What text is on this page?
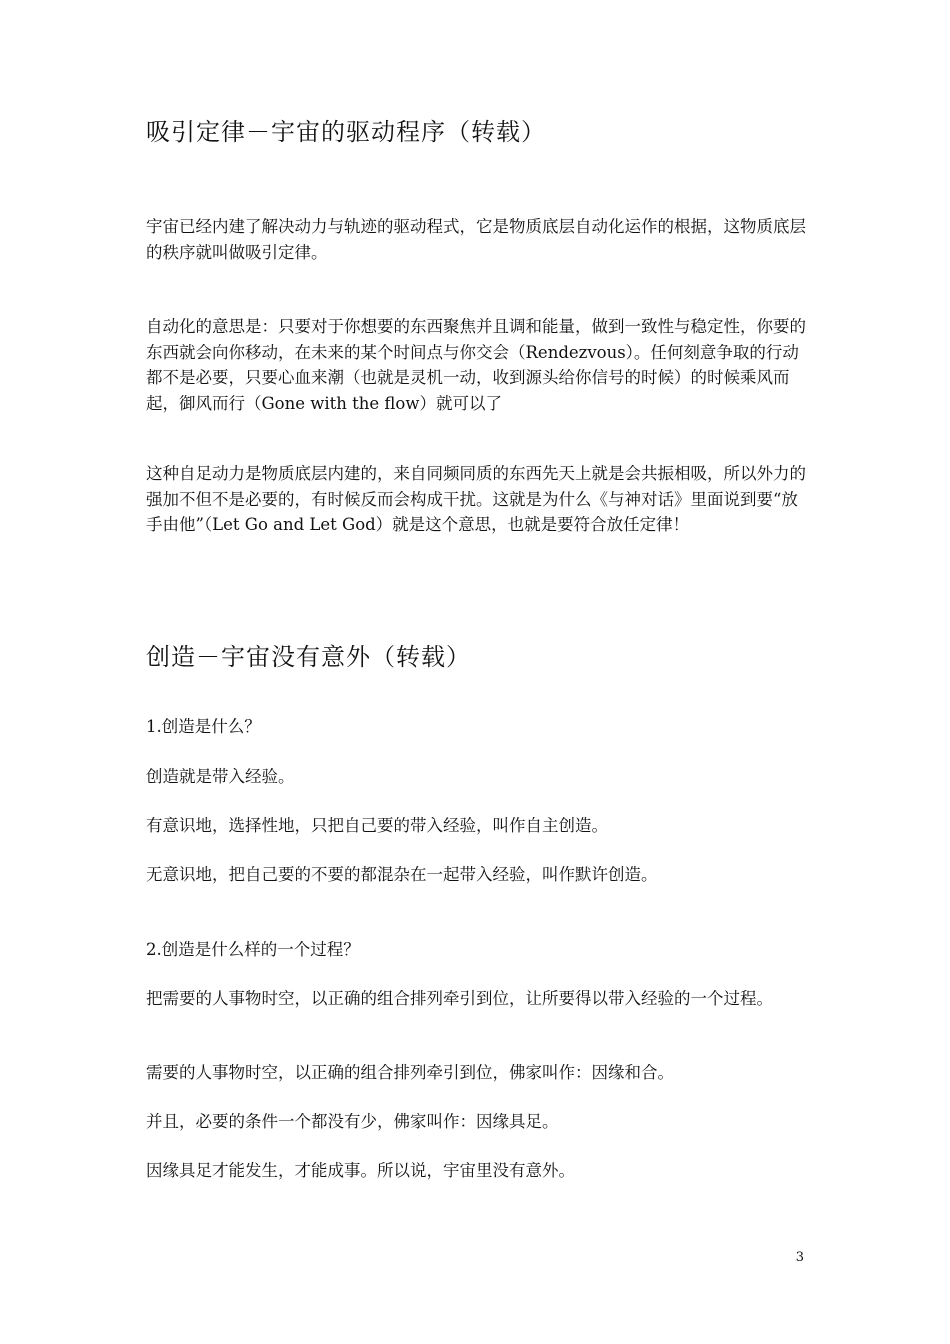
吸引定律－宇宙的驱动程序（转载）

宇宙已经内建了解决动力与轨迹的驱动程式，它是物质底层自动化运作的根据，这物质底层的秩序就叫做吸引定律。

自动化的意思是：只要对于你想要的东西聚焦并且调和能量，做到一致性与稳定性，你要的东西就会向你移动，在未来的某个时间点与你交会（Rendezvous）。任何刻意争取的行动都不是必要，只要心血来潮（也就是灵机一动，收到源头给你信号的时候）的时候乘风而起，御风而行（Gone with the flow）就可以了

这种自足动力是物质底层内建的，来自同频同质的东西先天上就是会共振相吸，所以外力的强加不但不是必要的，有时候反而会构成干扰。这就是为什么《与神对话》里面说到要“放手由他”（Let Go and Let God）就是这个意思，也就是要符合放任定律！

创造－宇宙没有意外（转载）

1.创造是什么？

创造就是带入经验。

有意识地，选择性地，只把自己要的带入经验，叫作自主创造。

无意识地，把自己要的不要的都混杂在一起带入经验，叫作默许创造。

2.创造是什么样的一个过程？

把需要的人事物时空，以正确的组合排列牵引到位，让所要得以带入经验的一个过程。

需要的人事物时空，以正确的组合排列牵引到位，佛家叫作：因缘和合。

并且，必要的条件一个都没有少，佛家叫作：因缘具足。

因缘具足才能发生，才能成事。所以说，宇宙里没有意外。

3
